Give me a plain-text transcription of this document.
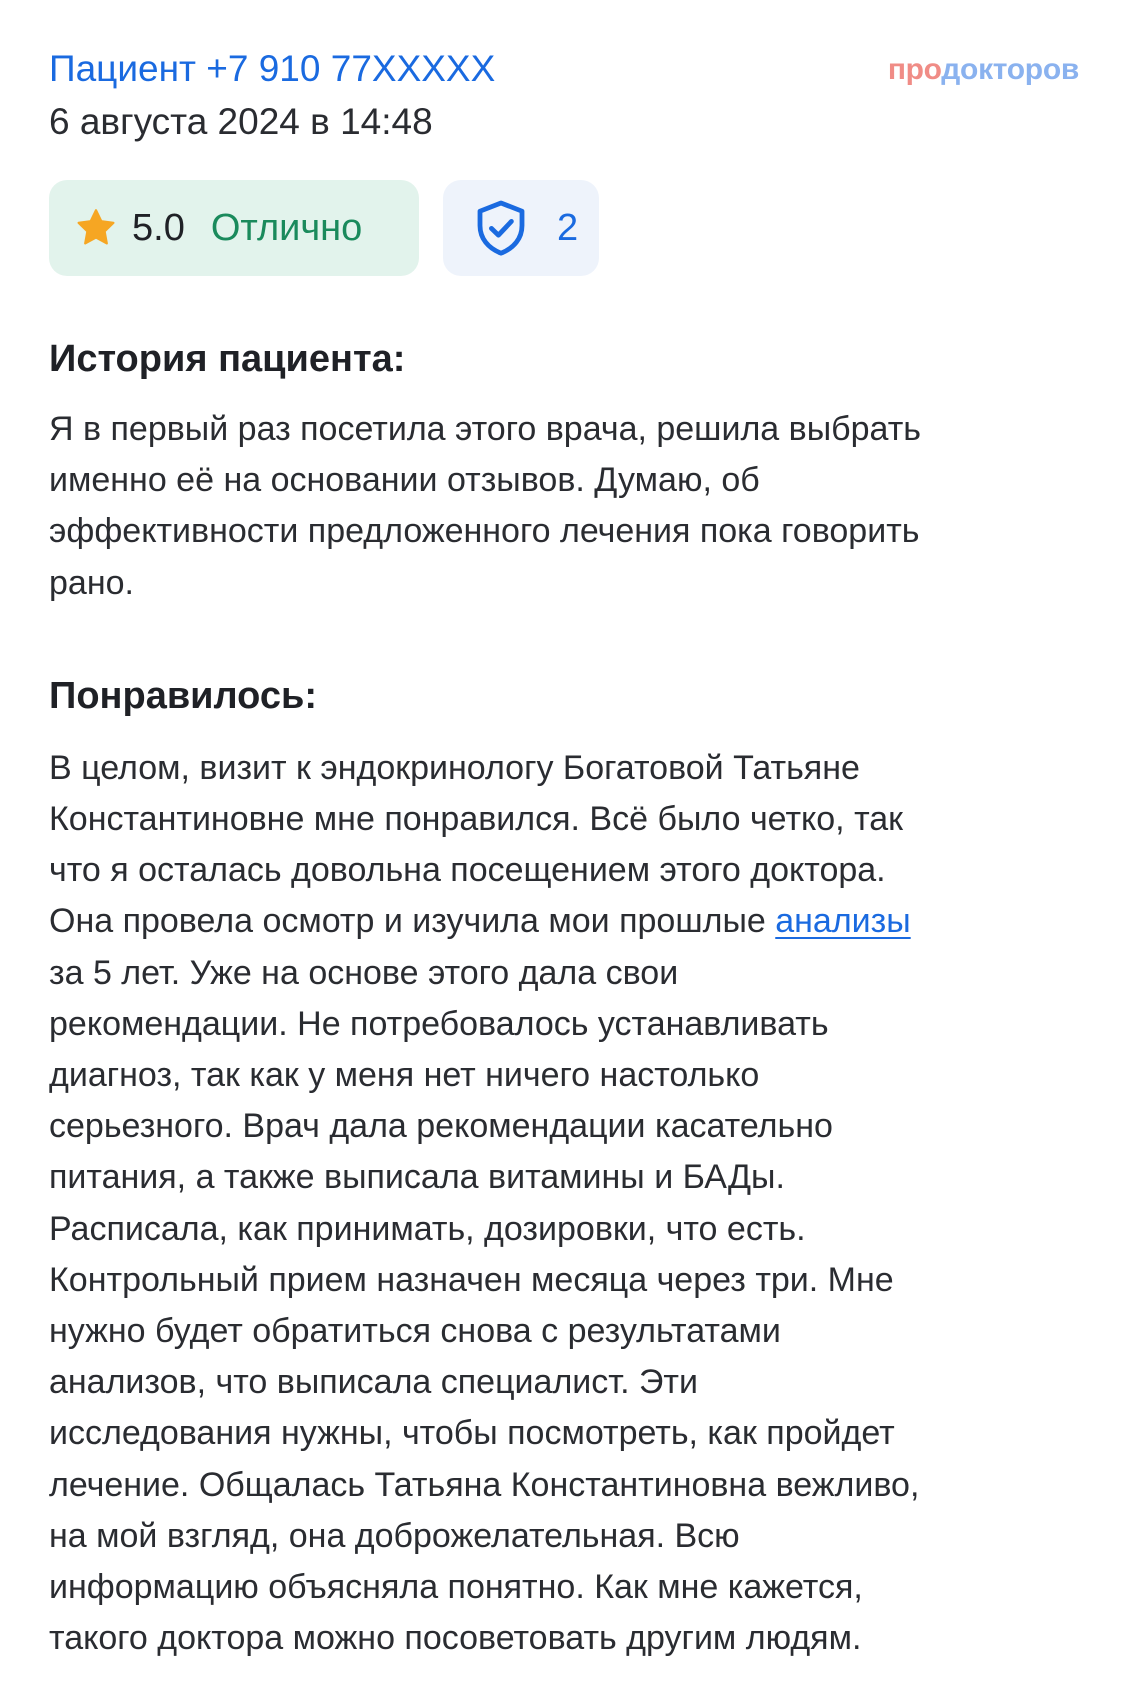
Пациент +7 910 77XXXXX	продокторов
6 августа 2024 в 14:48
5.0 Отлично	2
История пациента:

Я в первый раз посетила этого врача, решила выбрать
именно её на основании отзывов. Думаю, об
эффективности предложенного лечения пока говорить
рано.

Понравилось:

В целом, визит к эндокринологу Богатовой Татьяне
Константиновне мне понравился. Всё было четко, так
что я осталась довольна посещением этого доктора.
Она провела осмотр и изучила мои прошлые анализы
за 5 лет. Уже на основе этого дала свои
рекомендации. Не потребовалось устанавливать
диагноз, так как у меня нет ничего настолько
серьезного. Врач дала рекомендации касательно
питания, а также выписала витамины и БАДы.
Расписала, как принимать, дозировки, что есть.
Контрольный прием назначен месяца через три. Мне
нужно будет обратиться снова с результатами
анализов, что выписала специалист. Эти
исследования нужны, чтобы посмотреть, как пройдет
лечение. Общалась Татьяна Константиновна вежливо,
на мой взгляд, она доброжелательная. Всю
информацию объясняла понятно. Как мне кажется,
такого доктора можно посоветовать другим людям.
